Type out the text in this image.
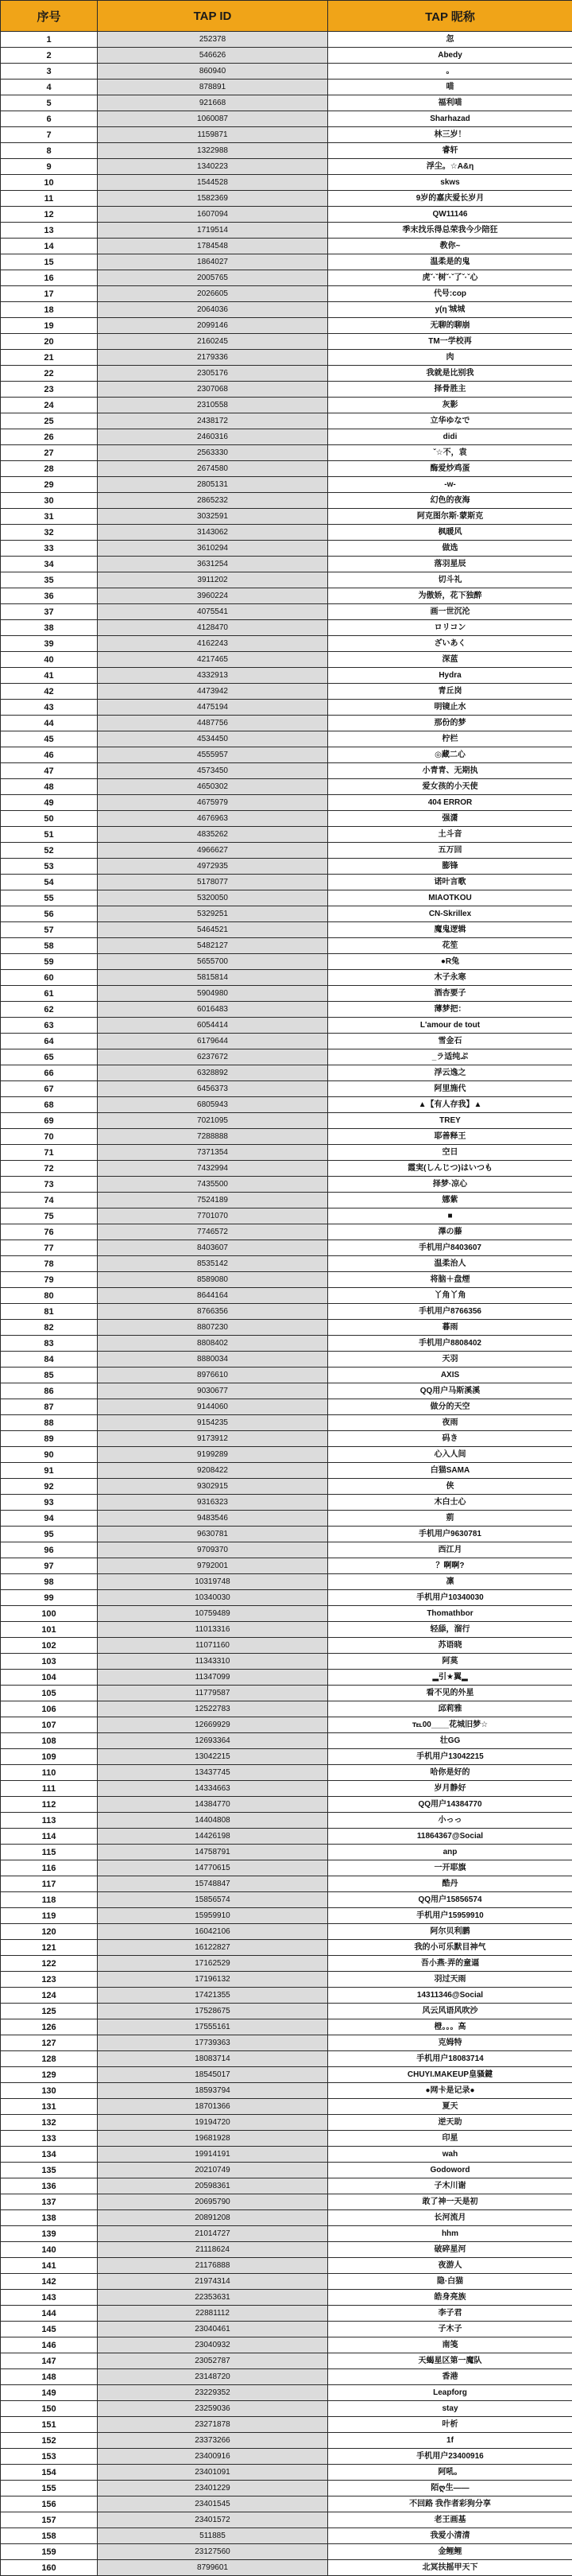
序号	TAP ID	TAP 昵称
1	252378	忽
2	546626	Abedy
3	860940	。
4	878891	喵
5	921668	福利喵
6	1060087	Sharhazad
7	1159871	林三岁！
8	1322988	睿轩
9	1340223	浮尘。☆A&η
10	1544528	skws
11	1582369	9岁的嘉庆爱长岁月
12	1607094	QW11146
13	1719514	季末找乐得总荣我今少陪狂
14	1784548	教你~
15	1864027	温柔是的鬼
16	2005765	虎ˇ·ˇ树ˇ·ˇ了ˇ·ˇ心
17	2026605	代号:cop
18	2064036	y(η ̄城城
19	2099146	无聊的聊崩
20	2160245	TM一学校再
21	2179336	肉
22	2305176	我就是比别我
23	2307068	择骨胜主
24	2310558	灰影
25	2438172	立华ゆなで
26	2460316	didi
27	2563330	ˇ☆不，袁
28	2674580	酶爱炒鸡蛋
29	2805131	-w-
30	2865232	幻色的夜海
31	3032591	阿克图尔斯·蒙斯克
32	3143062	枫暖风
33	3610294	做选
34	3631254	落羽星辰
35	3911202	切斗礼
36	3960224	为傲娇，花下独醉
37	4075541	画一世沉沦
38	4128470	ロリコン
39	4162243	ざいあく
40	4217465	深蓝
41	4332913	Hydra
42	4473942	青丘岗
43	4475194	明镜止水
44	4487756	那份的梦
45	4534450	柠栏
46	4555957	◎藏二心
47	4573450	小青青、无期执
48	4650302	爱女孩的小天使
49	4675979	404 ERROR
50	4676963	强潇
51	4835262	土斗音
52	4966627	五万回
53	4972935	膨锋
54	5178077	诺叶言歌
55	5320050	MIAOTKOU
56	5329251	CN-Skrillex
57	5464521	魔鬼逻辑
58	5482127	花笙
59	5655700	●R兔
60	5815814	木子永寒
61	5904980	酒杏要子
62	6016483	薄梦把：
63	6054414	L'amour de tout
64	6179644	雪金石
65	6237672	_ラ适纯ぷ
66	6328892	浮云逸之
67	6456373	阿里施代
68	6805943	▲【有人存我】▲
69	7021095	TREY
70	7288888	耶善释王
71	7371354	空日
72	7432994	霞実(しんじつ)はいつも
73	7435500	择梦·凉心
74	7524189	娜紫
75	7701070	■
76	7746572	澤の藤
77	8403607	手机用户8403607
78	8535142	温柔治人
79	8589080	将脑＋盘煙
80	8644164	丫角丫角
81	8766356	手机用户8766356
82	8807230	暮雨
83	8808402	手机用户8808402
84	8880034	天羽
85	8976610	AXIS
86	9030677	QQ用户马斯溪溪
87	9144060	做分的天空
88	9154235	夜雨
89	9173912	码き
90	9199289	心入人间
91	9208422	白猫SAMA
92	9302915	侠
93	9316323	木白士心
94	9483546	莂
95	9630781	手机用户9630781
96	9709370	西江月
97	9792001	？啊啊?
98	10319748	凛
99	10340030	手机用户10340030
100	10759489	Thomathbor
101	11013316	轻舔，溜行
102	11071160	苏语晓
103	11343310	阿莫
104	11347099	▂引★翼▂
105	11779587	看不见的外星
106	12522783	邱莉雅
107	12669929	℡00____花城旧梦☆
108	12693364	壮GG
109	13042215	手机用户13042215
110	13437745	哈你是好的
111	14334663	岁月静好
112	14384770	QQ用户14384770
113	14404808	小っっ
114	14426198	11864367@Social
115	14758791	anp
116	14770615	一开耶旗
117	15748847	酷丹
118	15856574	QQ用户15856574
119	15959910	手机用户15959910
120	16042106	阿尔贝利鹏
121	16122827	我的小可乐默目神气
122	17162529	吾小燕·弄的童逼
123	17196132	羽过天雨
124	17421355	14311346@Social
125	17528675	风云风语风吹沙
126	17555161	橙。。。高
127	17739363	克姆特
128	18083714	手机用户18083714
129	18545017	CHUYI.MAKEUP皇骚鍵
130	18593794	●网卡是记录●
131	18701366	夏天
132	19194720	逆天助
133	19681928	印星
134	19914191	wah
135	20210749	Godoword
136	20598361	子木川谢
137	20695790	敢了神一天是初
138	20891208	长河流月
139	21014727	hhm
140	21118624	破碎星河
141	21176888	夜游人
142	21974314	隐·白猫
143	22353631	皓身亮族
144	22881112	李子君
145	23040461	子木子
146	23040932	南笺
147	23052787	天蝎星区第一魔队
148	23148720	香港
149	23229352	Leapforg
150	23259036	stay
151	23271878	叶析
152	23373266	1f
153	23400916	手机用户23400916
154	23401091	阿吼。
155	23401229	陌ღ生——
156	23401545	不回路 我作者彩狗分享
157	23401572	老王画基
158	511885	我爱小清清
159	23127560	金鲤鲤
160	8799601	北冥扶摇甲天下
